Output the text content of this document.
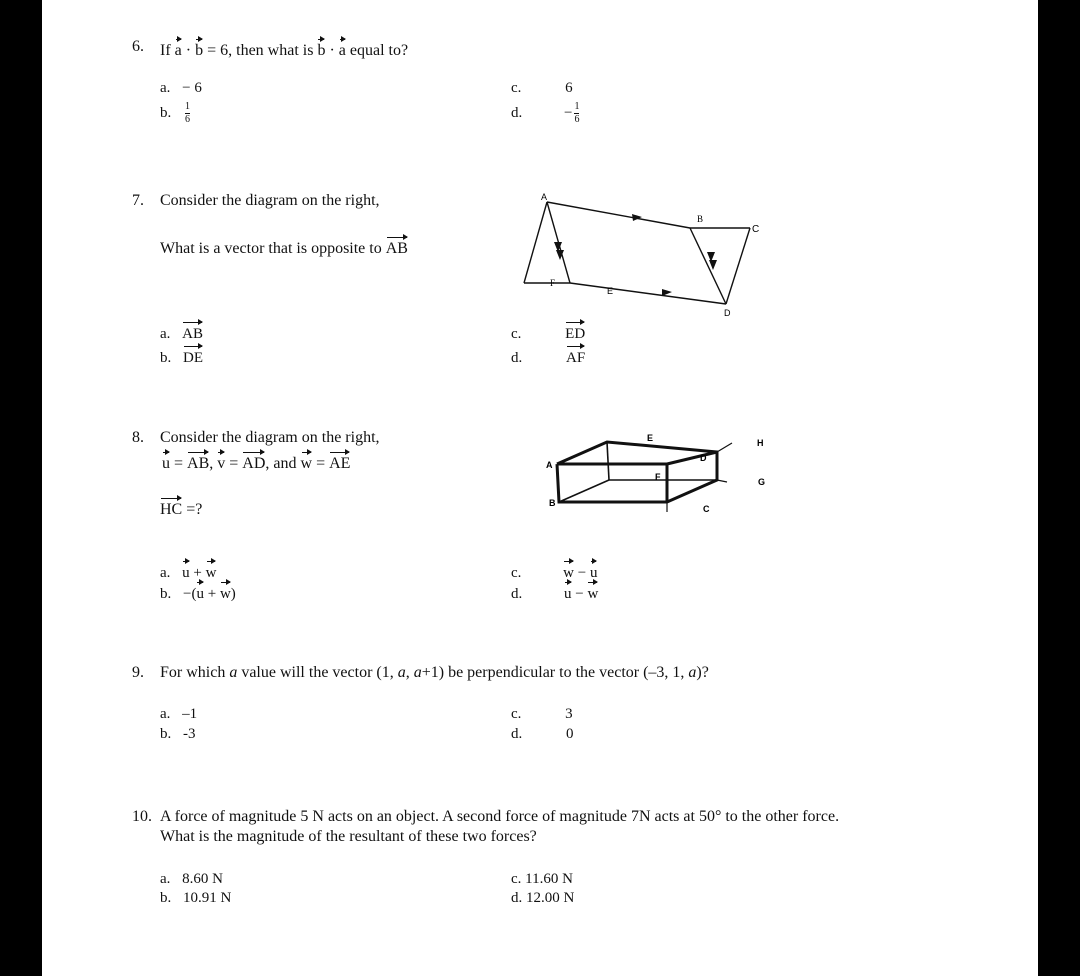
6. If a · b = 6, then what is b · a equal to?
a. − 6
b. $\frac{1}{6}$
c.	6
d.	− $\frac{1}{6}$
7. Consider the diagram on the right,
What is a vector that is opposite to AB
A
B
C
D
E
F
a. AB
b. DE
c.	ED
d.	AF
8. Consider the diagram on the right,
u = AB, v = AD, and w = AE
HC =?
A
B
C
D
E
F	G
H
a. u + w
b. −(u + w)
c.	w − u
d.	u − w
9. For which a value will the vector (1, a, a+1) be perpendicular to the vector (–3, 1, a)?
a. –1
b. -3
c.	3
d.	0
10. A force of magnitude 5 N acts on an object. A second force of magnitude 7N acts at 50° to the other force.
What is the magnitude of the resultant of these two forces?
a. 8.60 N
b. 10.91 N
c. 11.60 N
d. 12.00 N
